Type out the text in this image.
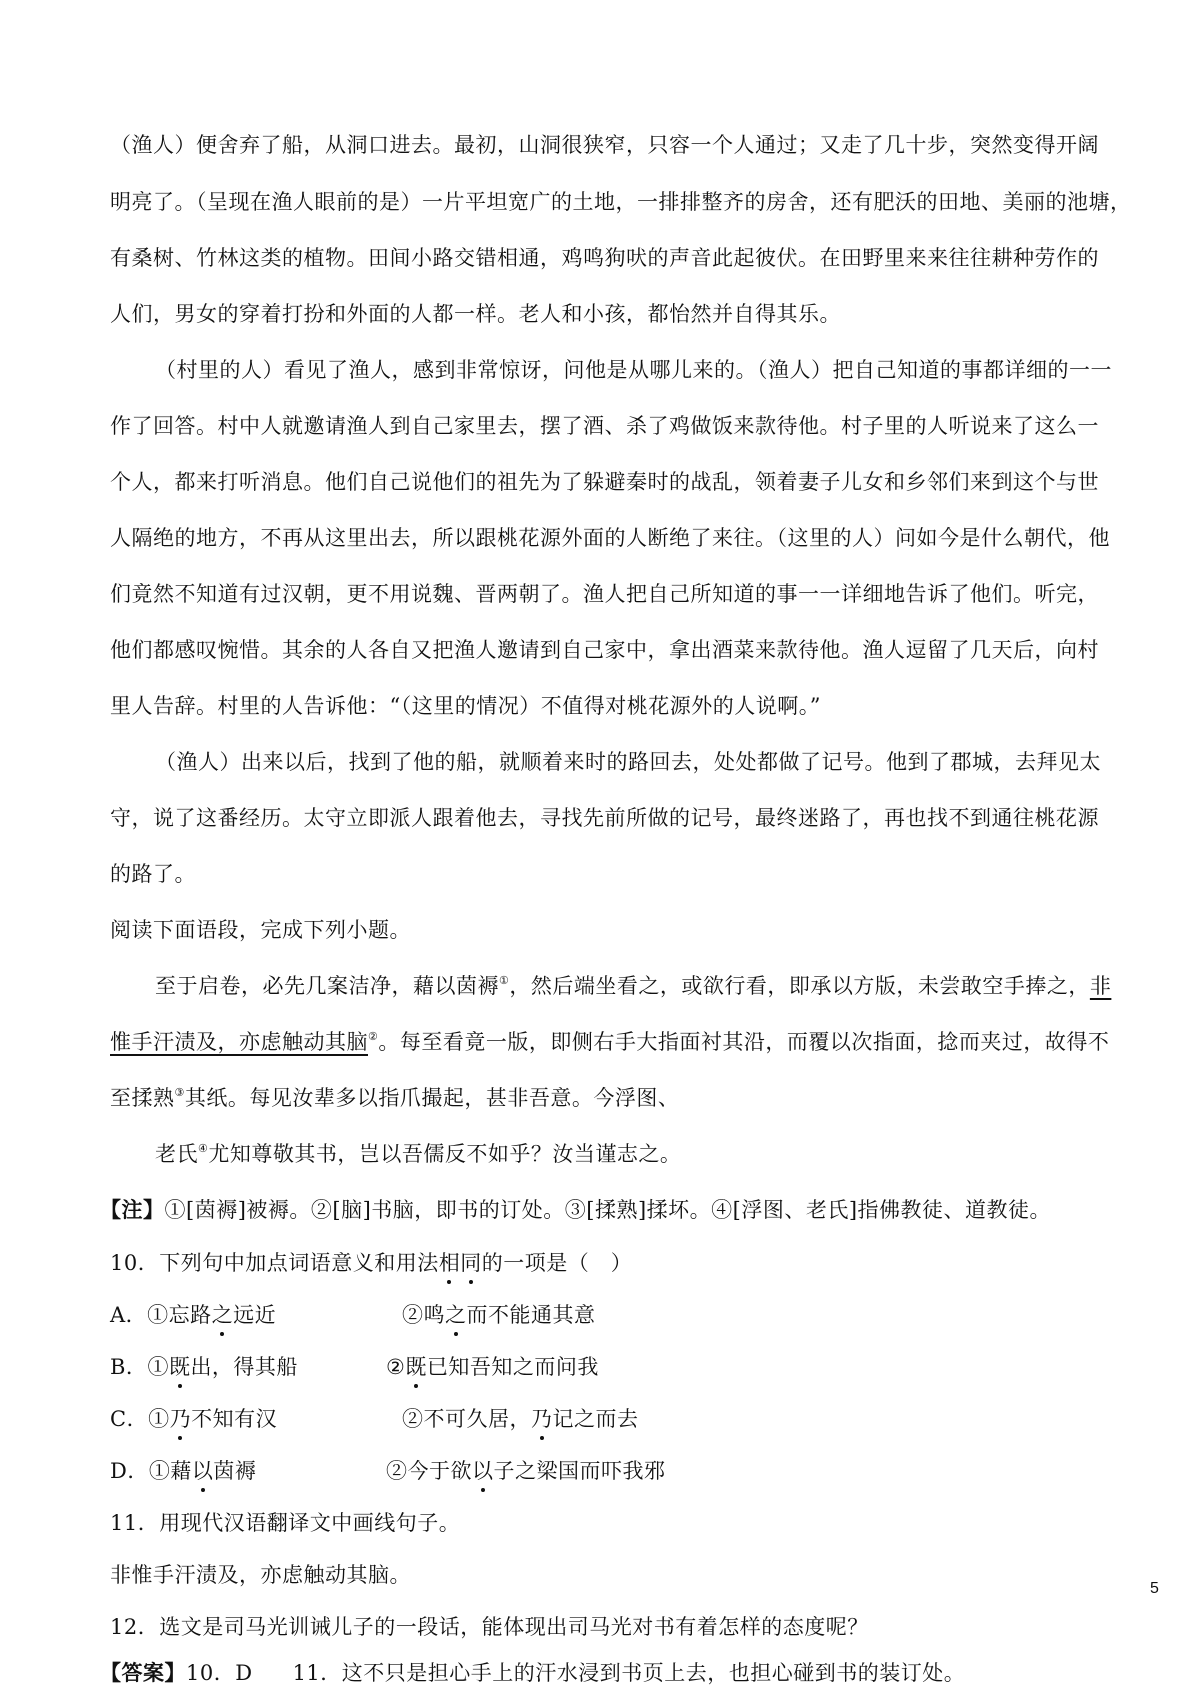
（渔人）便舍弃了船，从洞口进去。最初，山洞很狭窄，只容一个人通过；又走了几十步，突然变得开阔
明亮了。（呈现在渔人眼前的是）一片平坦宽广的土地，一排排整齐的房舍，还有肥沃的田地、美丽的池塘，
有桑树、竹林这类的植物。田间小路交错相通，鸡鸣狗吠的声音此起彼伏。在田野里来来往往耕种劳作的
人们，男女的穿着打扮和外面的人都一样。老人和小孩，都怡然并自得其乐。
（村里的人）看见了渔人，感到非常惊讶，问他是从哪儿来的。（渔人）把自己知道的事都详细的一一
作了回答。村中人就邀请渔人到自己家里去，摆了酒、杀了鸡做饭来款待他。村子里的人听说来了这么一
个人，都来打听消息。他们自己说他们的祖先为了躲避秦时的战乱，领着妻子儿女和乡邻们来到这个与世
人隔绝的地方，不再从这里出去，所以跟桃花源外面的人断绝了来往。（这里的人）问如今是什么朝代，他
们竟然不知道有过汉朝，更不用说魏、晋两朝了。渔人把自己所知道的事一一详细地告诉了他们。听完，
他们都感叹惋惜。其余的人各自又把渔人邀请到自己家中，拿出酒菜来款待他。渔人逗留了几天后，向村
里人告辞。村里的人告诉他：“（这里的情况）不值得对桃花源外的人说啊。”
（渔人）出来以后，找到了他的船，就顺着来时的路回去，处处都做了记号。他到了郡城，去拜见太
守，说了这番经历。太守立即派人跟着他去，寻找先前所做的记号，最终迷路了，再也找不到通往桃花源
的路了。
阅读下面语段，完成下列小题。
至于启卷，必先几案洁净，藉以茵褥①，然后端坐看之，或欲行看，即承以方版，未尝敢空手捧之，非
惟手汗渍及，亦虑触动其脑②。每至看竟一版，即侧右手大指面衬其沿，而覆以次指面，捻而夹过，故得不
至揉熟③其纸。每见汝辈多以指爪撮起，甚非吾意。今浮图、
老氏④尤知尊敬其书，岂以吾儒反不如乎？汝当谨志之。
【注】①[茵褥]被褥。②[脑]书脑，即书的订处。③[揉熟]揉坏。④[浮图、老氏]指佛教徒、道教徒。
10．下列句中加点词语意义和用法相同的一项是（　）
A．①忘路之远近	②鸣之而不能通其意
B．①既出，得其船	②既已知吾知之而问我
C．①乃不知有汉	②不可久居，乃记之而去
D．①藉以茵褥	②今于欲以子之梁国而吓我邪
11．用现代汉语翻译文中画线句子。
非惟手汗渍及，亦虑触动其脑。
12．选文是司马光训诫儿子的一段话，能体现出司马光对书有着怎样的态度呢？
【答案】10．D 11．这不只是担心手上的汗水浸到书页上去，也担心碰到书的装订处。
5
